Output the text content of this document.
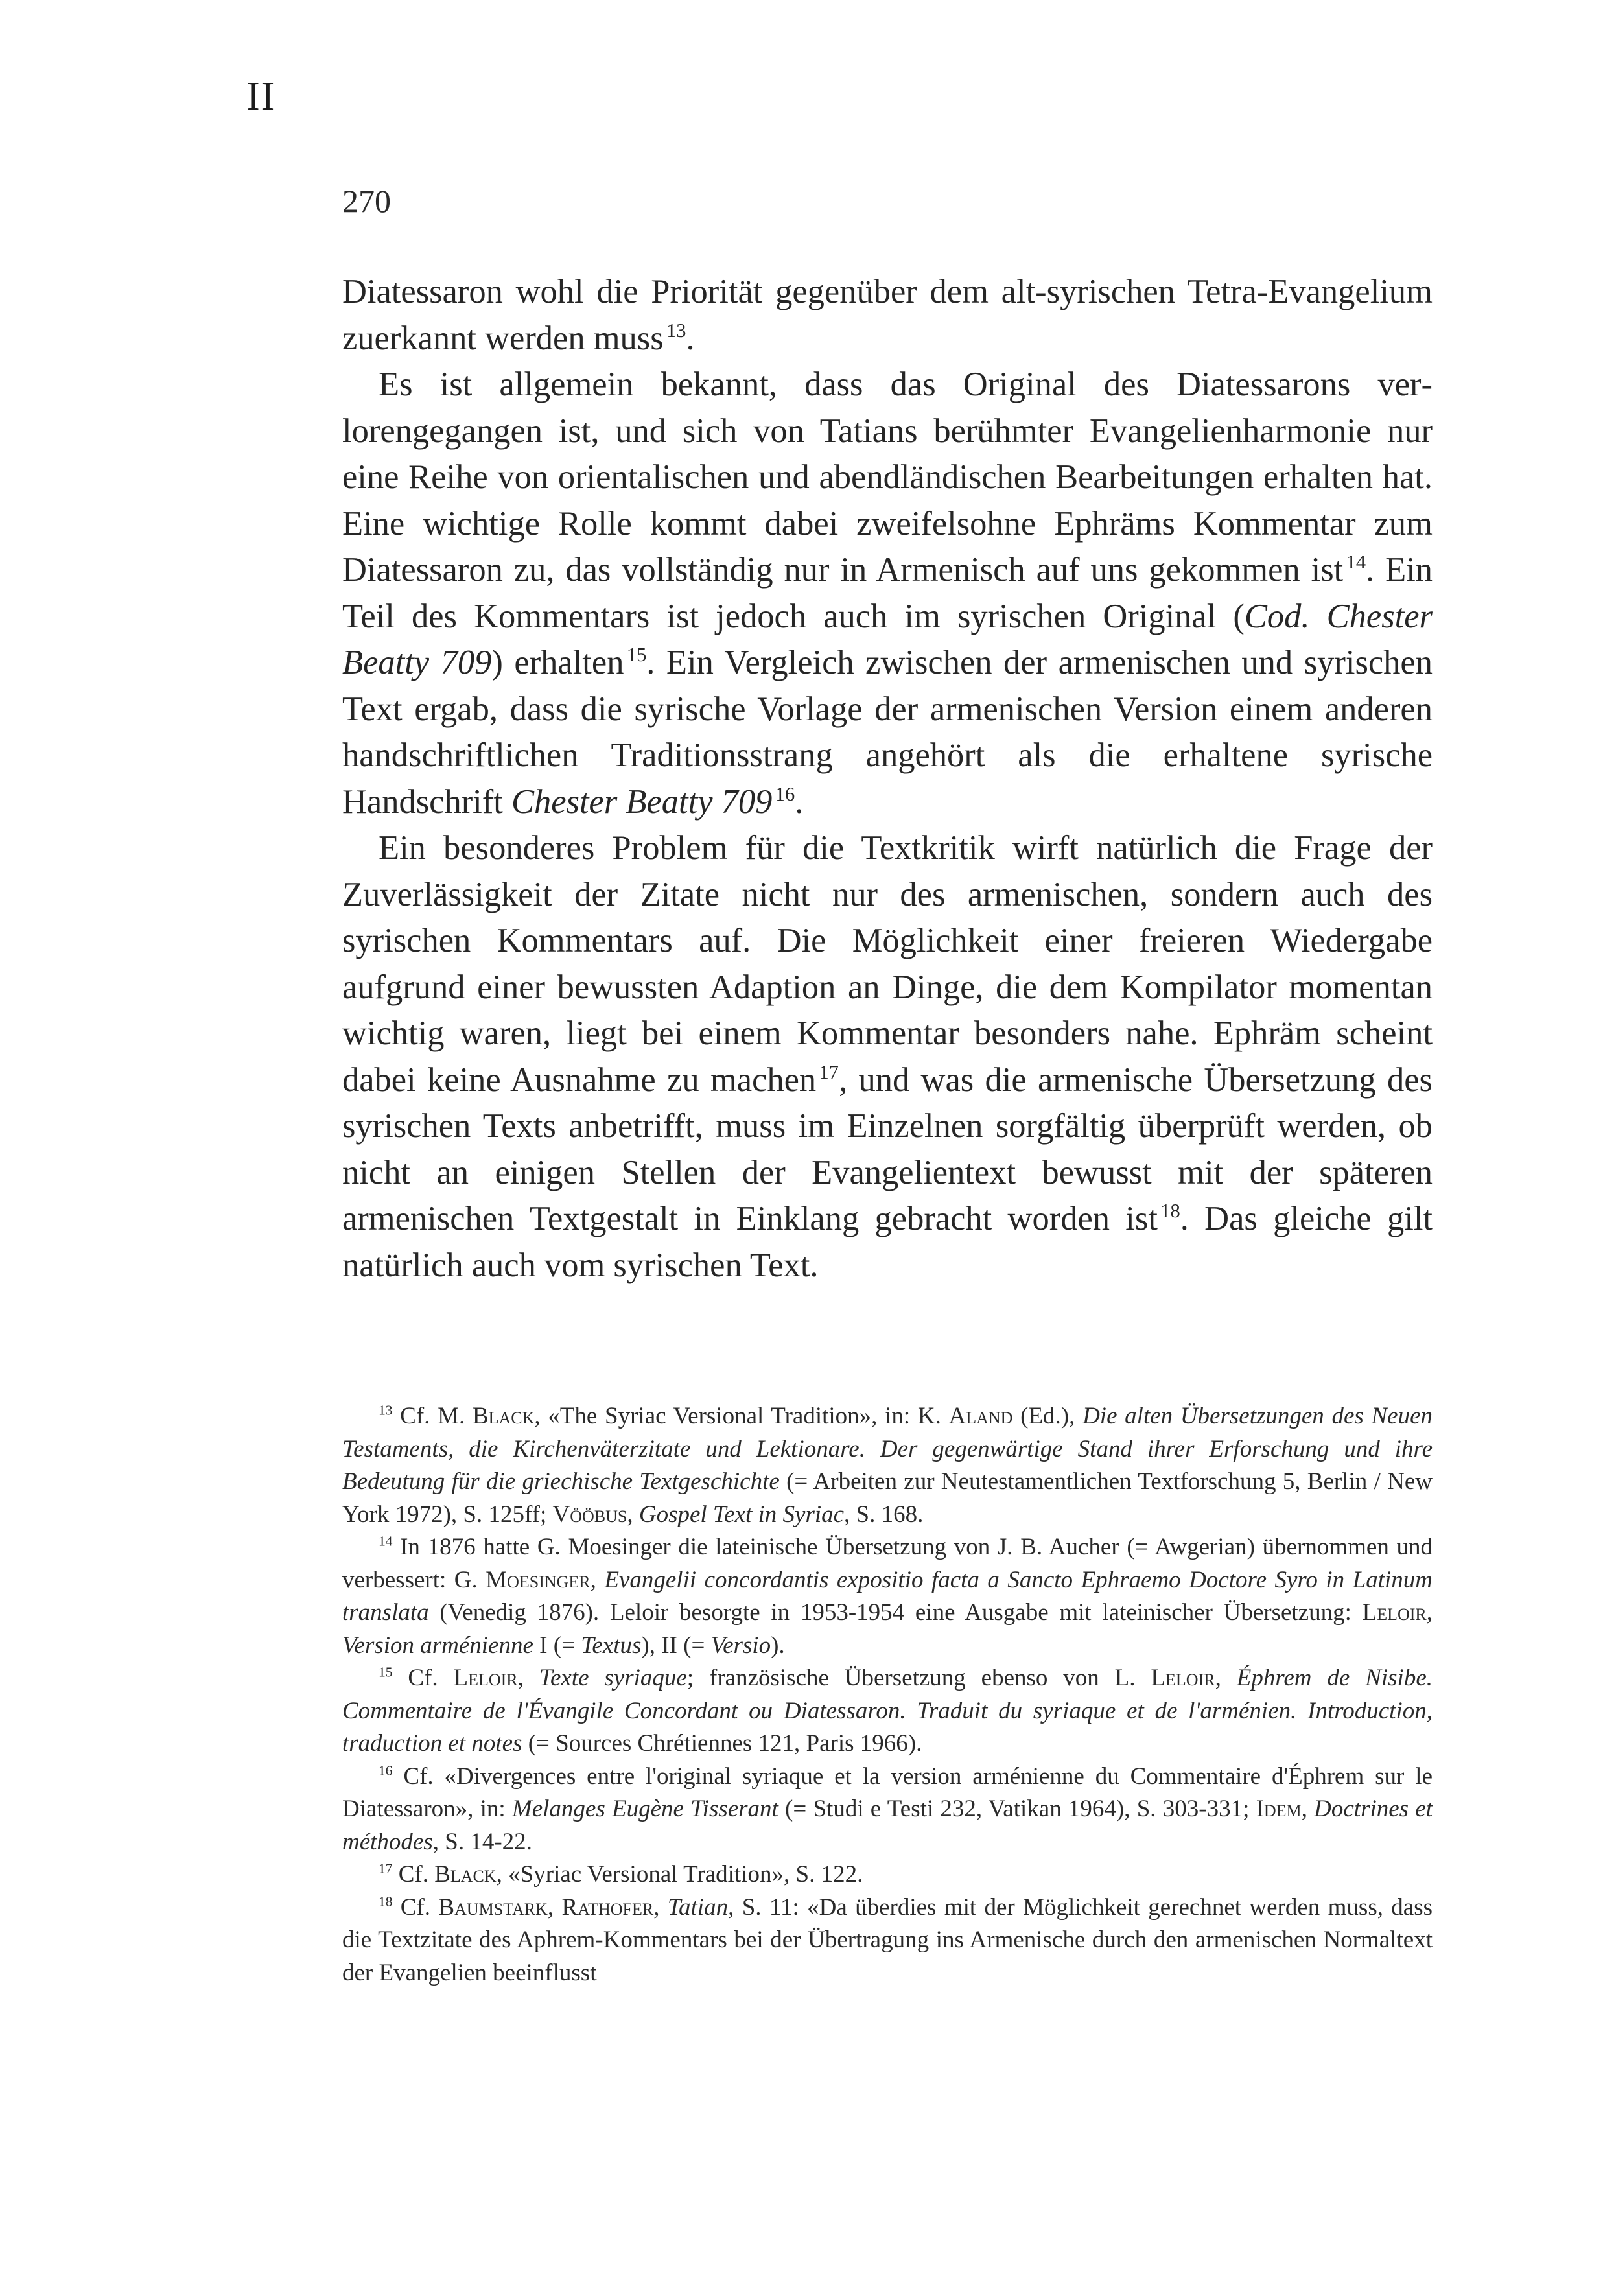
II
270

Diatessaron wohl die Priorität gegenüber dem alt-syrischen Tetra-Evangelium zuerkannt werden muss  $^{13}$.

Es ist allgemein bekannt, dass das Original des Diatessarons verlorengegangen ist, und sich von Tatians berühmter Evangelienharmonie nur eine Reihe von orientalischen und abendländischen Bearbeitungen erhalten hat. Eine wichtige Rolle kommt dabei zweifelsohne Ephräms Kommentar zum Diatessaron zu, das vollständig nur in Armenisch auf uns gekommen ist  $^{14}$. Ein Teil des Kommentars ist jedoch auch im syrischen Original (Cod. Chester Beatty 709) erhalten  $^{15}$. Ein Vergleich zwischen der armenischen und syrischen Text ergab, dass die syrische Vorlage der armenischen Version einem anderen handschriftlichen Traditionsstrang angehört als die erhaltene syrische Handschrift Chester Beatty 709  $^{16}$.

Ein besonderes Problem für die Textkritik wirft natürlich die Frage der Zuverlässigkeit der Zitate nicht nur des armenischen, sondern auch des syrischen Kommentars auf. Die Möglichkeit einer freieren Wiedergabe aufgrund einer bewussten Adaption an Dinge, die dem Kompilator momentan wichtig waren, liegt bei einem Kommentar besonders nahe. Ephräm scheint dabei keine Ausnahme zu machen  $^{17}$, und was die armenische Übersetzung des syrischen Texts anbetrifft, muss im Einzelnen sorgfältig überprüft werden, ob nicht an einigen Stellen der Evangelientext bewusst mit der späteren armenischen Textgestalt in Einklang gebracht worden ist  $^{18}$. Das gleiche gilt natürlich auch vom syrischen Text.

$^{13}$ Cf. M. Black, «The Syriac Versional Tradition», in: K. Aland (Ed.), Die alten Übersetzungen des Neuen Testaments, die Kirchenväterzitate und Lektionare. Der gegenwärtige Stand ihrer Erforschung und ihre Bedeutung für die griechische Textgeschichte (= Arbeiten zur Neutestamentlichen Textforschung 5, Berlin / New York 1972), S. 125ff; Vööbus, Gospel Text in Syriac, S. 168.

$^{14}$ In 1876 hatte G. Moesinger die lateinische Übersetzung von J. B. Aucher (= Awgerian) übernommen und verbessert: G. Moesinger, Evangelii concordantis expositio facta a Sancto Ephraemo Doctore Syro in Latinum translata (Venedig 1876). Leloir besorgte in 1953-1954 eine Ausgabe mit lateinischer Übersetzung: Leloir, Version arménienne I (= Textus), II (= Versio).

$^{15}$ Cf. Leloir, Texte syriaque; französische Übersetzung ebenso von L. Leloir, Éphrem de Nisibe. Commentaire de l'Évangile Concordant ou Diatessaron. Traduit du syriaque et de l'arménien. Introduction, traduction et notes (= Sources Chrétiennes 121, Paris 1966).

$^{16}$ Cf. «Divergences entre l'original syriaque et la version arménienne du Commentaire d'Éphrem sur le Diatessaron», in: Melanges Eugène Tisserant (= Studi e Testi 232, Vatikan 1964), S. 303-331; Idem, Doctrines et méthodes, S. 14-22.

$^{17}$ Cf. Black, «Syriac Versional Tradition», S. 122.

$^{18}$ Cf. Baumstark, Rathofer, Tatian, S. 11: «Da überdies mit der Möglichkeit gerechnet werden muss, dass die Textzitate des Aphrem-Kommentars bei der Übertragung ins Armenische durch den armenischen Normaltext der Evangelien beeinflusst
